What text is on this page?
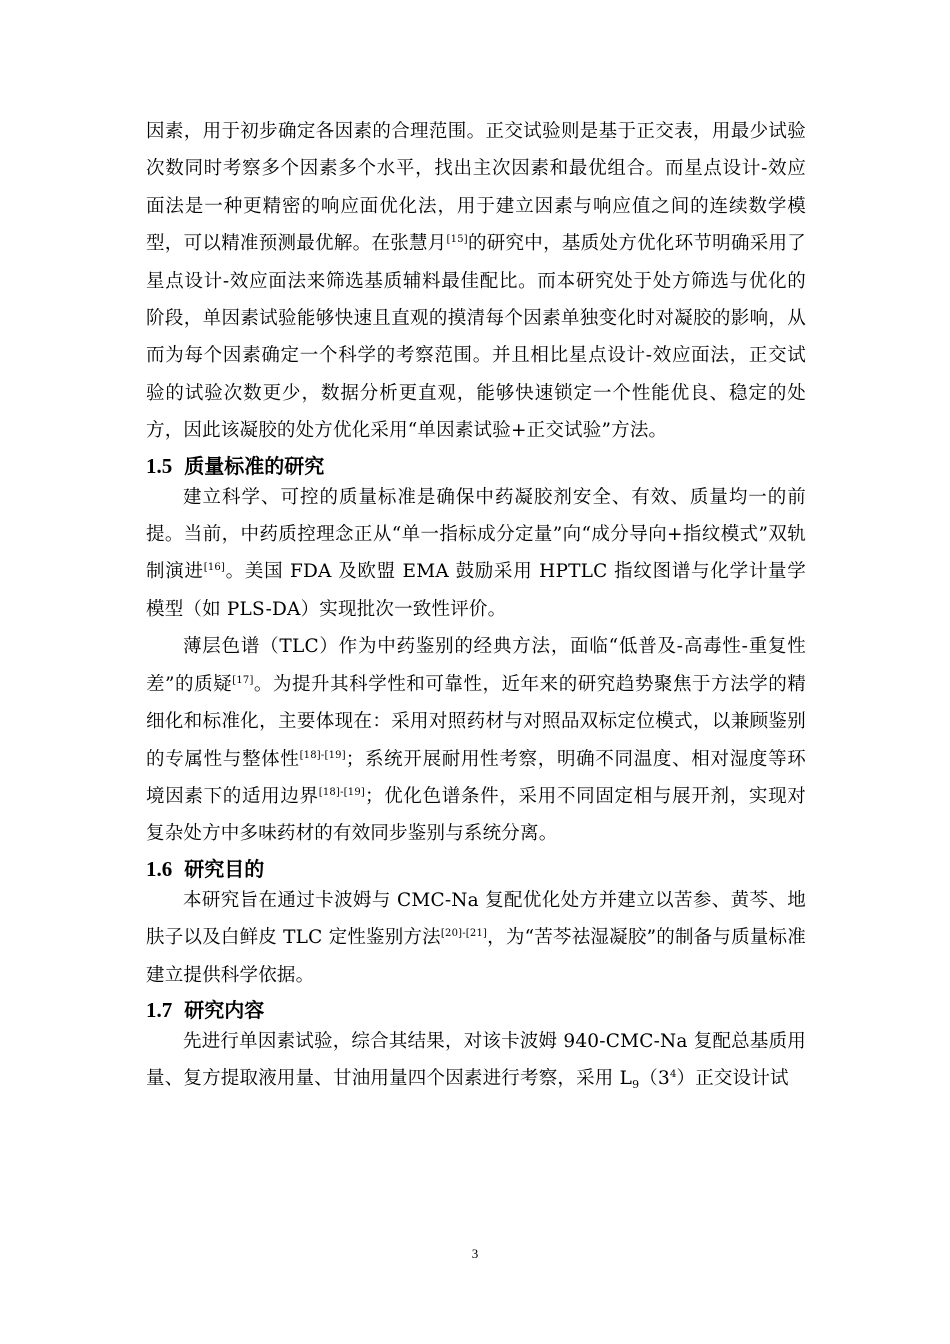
因素，用于初步确定各因素的合理范围。正交试验则是基于正交表，用最少试验次数同时考察多个因素多个水平，找出主次因素和最优组合。而星点设计-效应面法是一种更精密的响应面优化法，用于建立因素与响应值之间的连续数学模型，可以精准预测最优解。在张慧月[15]的研究中，基质处方优化环节明确采用了星点设计-效应面法来筛选基质辅料最佳配比。而本研究处于处方筛选与优化的阶段，单因素试验能够快速且直观的摸清每个因素单独变化时对凝胶的影响，从而为每个因素确定一个科学的考察范围。并且相比星点设计-效应面法，正交试验的试验次数更少，数据分析更直观，能够快速锁定一个性能优良、稳定的处方，因此该凝胶的处方优化采用“单因素试验+正交试验”方法。

1.5 质量标准的研究

建立科学、可控的质量标准是确保中药凝胶剂安全、有效、质量均一的前提。当前，中药质控理念正从“单一指标成分定量”向“成分导向+指纹模式”双轨制演进[16]。美国 FDA 及欧盟 EMA 鼓励采用 HPTLC 指纹图谱与化学计量学模型（如 PLS-DA）实现批次一致性评价。

薄层色谱（TLC）作为中药鉴别的经典方法，面临“低普及-高毒性-重复性差”的质疑[17]。为提升其科学性和可靠性，近年来的研究趋势聚焦于方法学的精细化和标准化，主要体现在：采用对照药材与对照品双标定位模式，以兼顾鉴别的专属性与整体性[18]-[19]；系统开展耐用性考察，明确不同温度、相对湿度等环境因素下的适用边界[18]-[19]；优化色谱条件，采用不同固定相与展开剂，实现对复杂处方中多味药材的有效同步鉴别与系统分离。

1.6 研究目的

本研究旨在通过卡波姆与 CMC-Na 复配优化处方并建立以苦参、黄芩、地肤子以及白鲜皮 TLC 定性鉴别方法[20]-[21]，为“苦芩祛湿凝胶”的制备与质量标准建立提供科学依据。

1.7 研究内容

先进行单因素试验，综合其结果，对该卡波姆 940-CMC-Na 复配总基质用量、复方提取液用量、甘油用量四个因素进行考察，采用 $L_9(3^4)$正交设计试

3
